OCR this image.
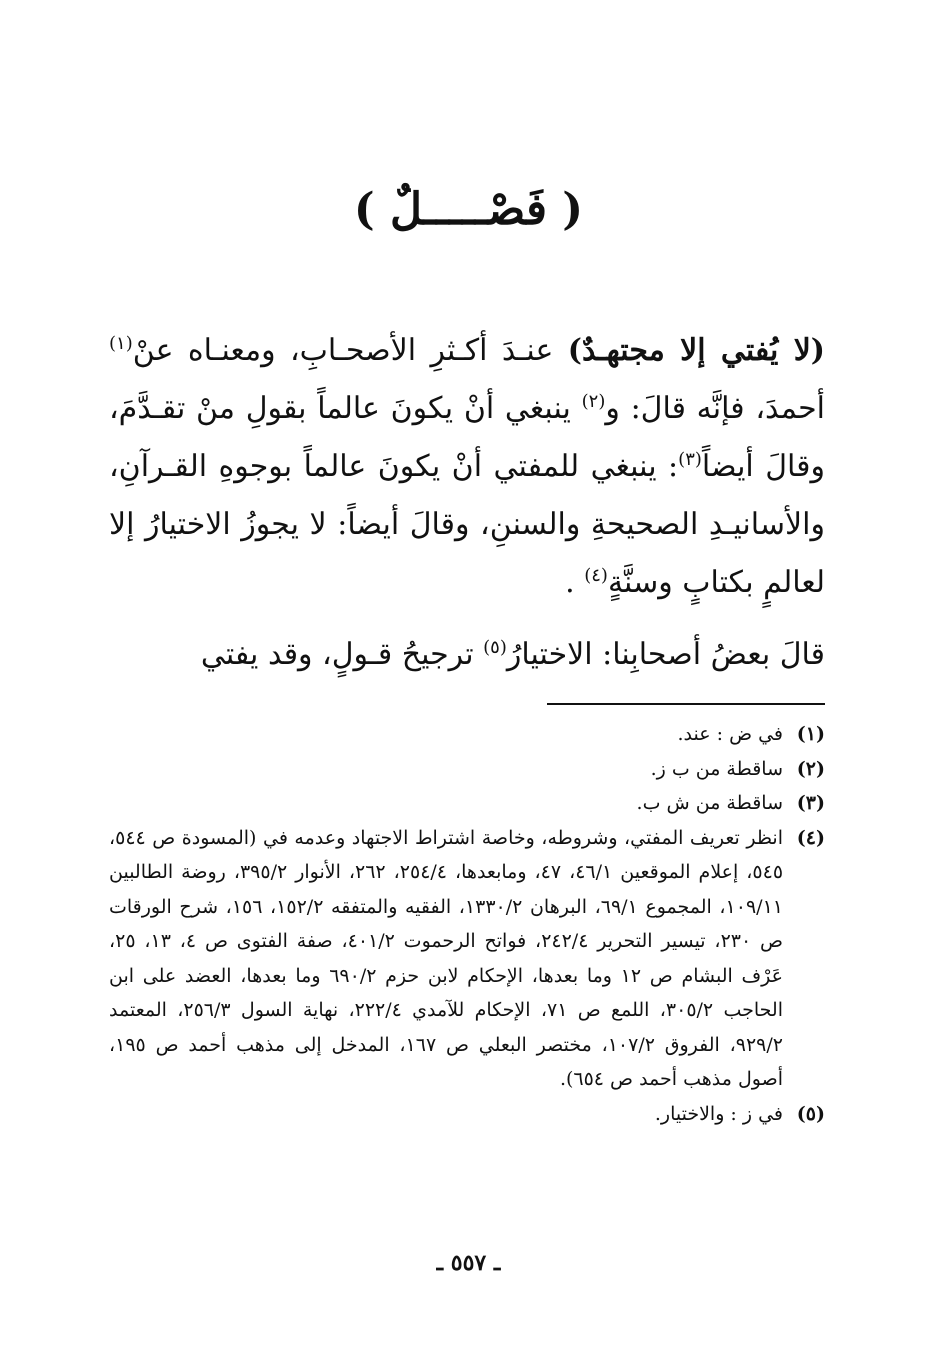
( فَصْـــــلٌ )

(لا يُفتي إلا مجتهـدٌ) عنـدَ أكـثرِ الأصحـابِ، ومعنـاه عنْ$^{(١)}$ أحمدَ، فإنَّه قالَ: و$^{(٢)}$ ينبغي أنْ يكونَ عالماً بقولِ منْ تقـدَّمَ، وقالَ أيضاً$^{(٣)}$: ينبغي للمفتي أنْ يكونَ عالماً بوجوهِ القـرآنِ، والأسانيـدِ الصحيحةِ والسننِ، وقالَ أيضاً: لا يجوزُ الاختيارُ إلا لعالمٍ بكتابٍ وسنَّةٍ$^{(٤)}$ .

قالَ بعضُ أصحابِنا: الاختيارُ$^{(٥)}$ ترجيحُ قـولٍ، وقد يفتي

(١)
في ض : عند.
(٢)
ساقطة من ب ز.
(٣)
ساقطة من ش ب.
(٤)
انظر تعريف المفتي، وشروطه، وخاصة اشتراط الاجتهاد وعدمه في (المسودة ص ٥٤٤، ٥٤٥، إعلام الموقعين ٤٦/١، ٤٧، ومابعدها، ٢٥٤/٤، ٢٦٢، الأنوار ٣٩٥/٢، روضة الطالبين ١٠٩/١١، المجموع ٦٩/١، البرهان ١٣٣٠/٢، الفقيه والمتفقه ١٥٢/٢، ١٥٦، شرح الورقات ص ٢٣٠، تيسير التحرير ٢٤٢/٤، فواتح الرحموت ٤٠١/٢، صفة الفتوى ص ٤، ١٣، ٢٥، عَرْف البشام ص ١٢ وما بعدها، الإحكام لابن حزم ٦٩٠/٢ وما بعدها، العضد على ابن الحاجب ٣٠٥/٢، اللمع ص ٧١، الإحكام للآمدي ٢٢٢/٤، نهاية السول ٢٥٦/٣، المعتمد ٩٢٩/٢، الفروق ١٠٧/٢، مختصر البعلي ص ١٦٧، المدخل إلى مذهب أحمد ص ١٩٥، أصول مذهب أحمد ص ٦٥٤).
(٥)
في ز : والاختيار.
ـ ٥٥٧ ـ
